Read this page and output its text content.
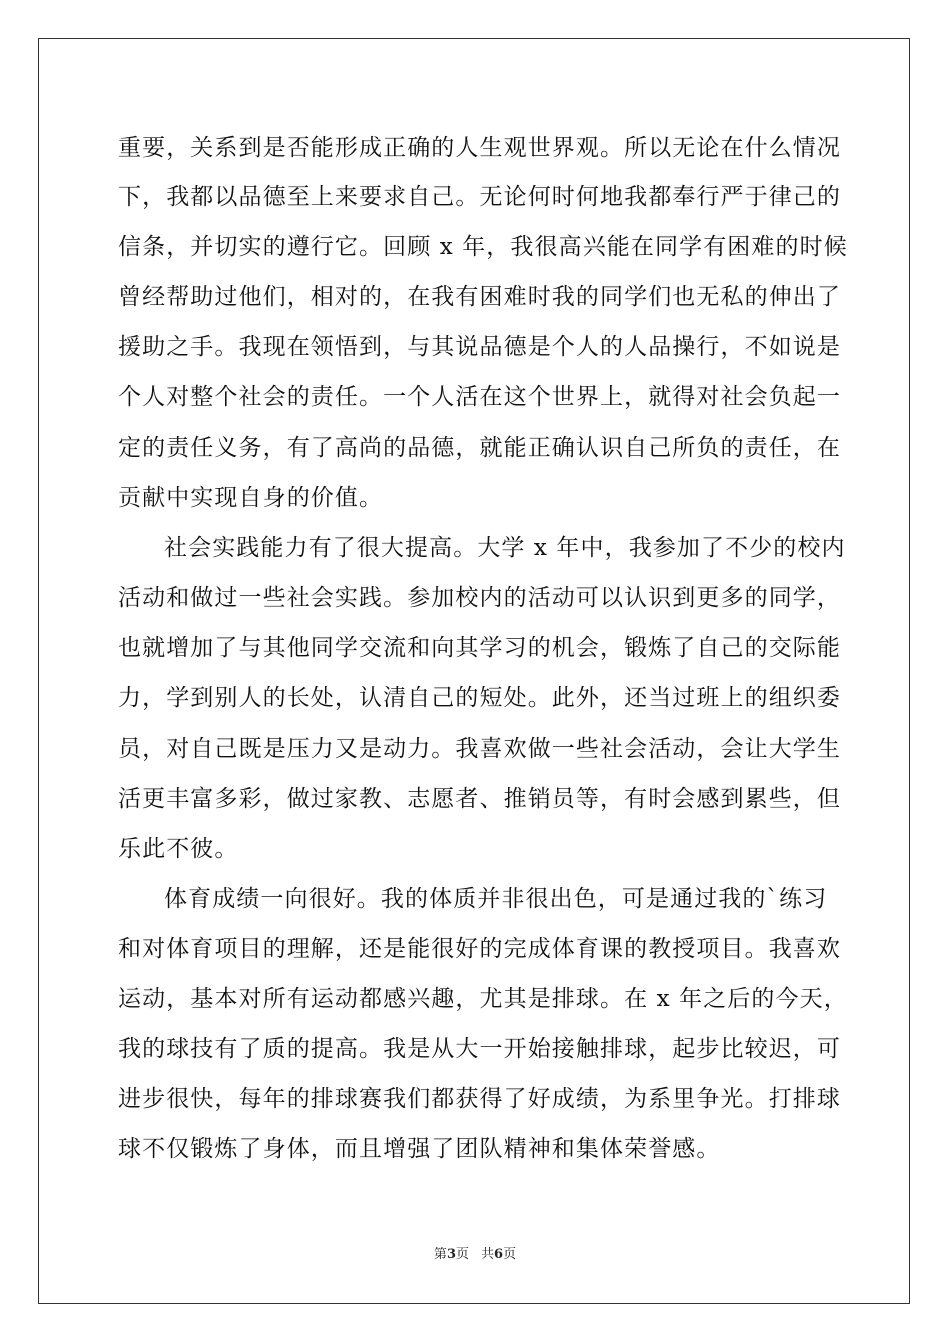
重要，关系到是否能形成正确的人生观世界观。所以无论在什么情况
下，我都以品德至上来要求自己。无论何时何地我都奉行严于律己的
信条，并切实的遵行它。回顾 x 年，我很高兴能在同学有困难的时候
曾经帮助过他们，相对的，在我有困难时我的同学们也无私的伸出了
援助之手。我现在领悟到，与其说品德是个人的人品操行，不如说是
个人对整个社会的责任。一个人活在这个世界上，就得对社会负起一
定的责任义务，有了高尚的品德，就能正确认识自己所负的责任，在
贡献中实现自身的价值。
社会实践能力有了很大提高。大学 x 年中，我参加了不少的校内
活动和做过一些社会实践。参加校内的活动可以认识到更多的同学，
也就增加了与其他同学交流和向其学习的机会，锻炼了自己的交际能
力，学到别人的长处，认清自己的短处。此外，还当过班上的组织委
员，对自己既是压力又是动力。我喜欢做一些社会活动，会让大学生
活更丰富多彩，做过家教、志愿者、推销员等，有时会感到累些，但
乐此不彼。
体育成绩一向很好。我的体质并非很出色，可是通过我的`练习
和对体育项目的理解，还是能很好的完成体育课的教授项目。我喜欢
运动，基本对所有运动都感兴趣，尤其是排球。在 x 年之后的今天，
我的球技有了质的提高。我是从大一开始接触排球，起步比较迟，可
进步很快，每年的排球赛我们都获得了好成绩，为系里争光。打排球
球不仅锻炼了身体，而且增强了团队精神和集体荣誉感。
第3页 共6页
